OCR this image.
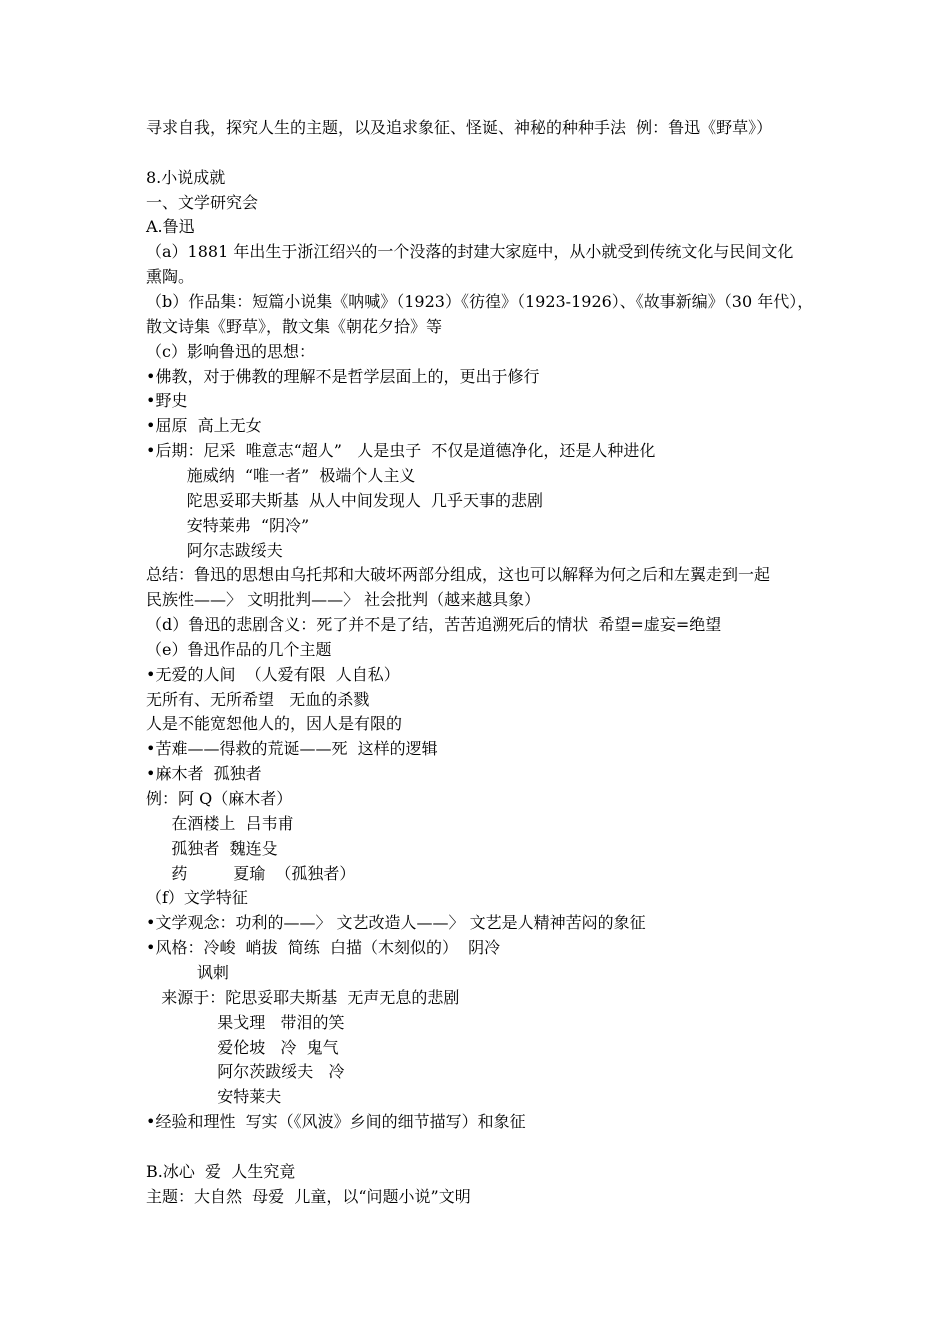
寻求自我，探究人生的主题，以及追求象征、怪诞、神秘的种种手法  例：鲁迅《野草》）

8.小说成就

一、文学研究会

A.鲁迅

（a）1881 年出生于浙江绍兴的一个没落的封建大家庭中，从小就受到传统文化与民间文化

熏陶。

（b）作品集：短篇小说集《呐喊》（1923）《彷徨》（1923-1926）、《故事新编》（30 年代），

散文诗集《野草》，散文集《朝花夕拾》等

（c）影响鲁迅的思想：

•佛教，对于佛教的理解不是哲学层面上的，更出于修行

•野史

•屈原  高上无女

•后期：尼采  唯意志“超人”   人是虫子  不仅是道德净化，还是人种进化

施威纳  “唯一者”  极端个人主义

陀思妥耶夫斯基  从人中间发现人  几乎天事的悲剧

安特莱弗  “阴冷”

阿尔志跋绥夫

总结：鲁迅的思想由乌托邦和大破坏两部分组成，这也可以解释为何之后和左翼走到一起

民族性——〉 文明批判——〉 社会批判（越来越具象）

（d）鲁迅的悲剧含义：死了并不是了结，苦苦追溯死后的情状  希望=虚妄=绝望

（e）鲁迅作品的几个主题

•无爱的人间  （人爱有限  人自私）

无所有、无所希望   无血的杀戮

人是不能宽恕他人的，因人是有限的

•苦难——得救的荒诞——死  这样的逻辑

•麻木者  孤独者

例：阿 Q（麻木者）

在酒楼上  吕韦甫

孤独者  魏连殳

药         夏瑜  （孤独者）

（f）文学特征

•文学观念：功利的——〉 文艺改造人——〉 文艺是人精神苦闷的象征

•风格：冷峻  峭拔  简练  白描（木刻似的）  阴冷

讽刺

来源于：陀思妥耶夫斯基  无声无息的悲剧

果戈理   带泪的笑

爱伦坡   冷  鬼气

阿尔茨跋绥夫   冷

安特莱夫

•经验和理性  写实（《风波》乡间的细节描写）和象征

B.冰心  爱  人生究竟

主题：大自然  母爱  儿童，以“问题小说”文明
